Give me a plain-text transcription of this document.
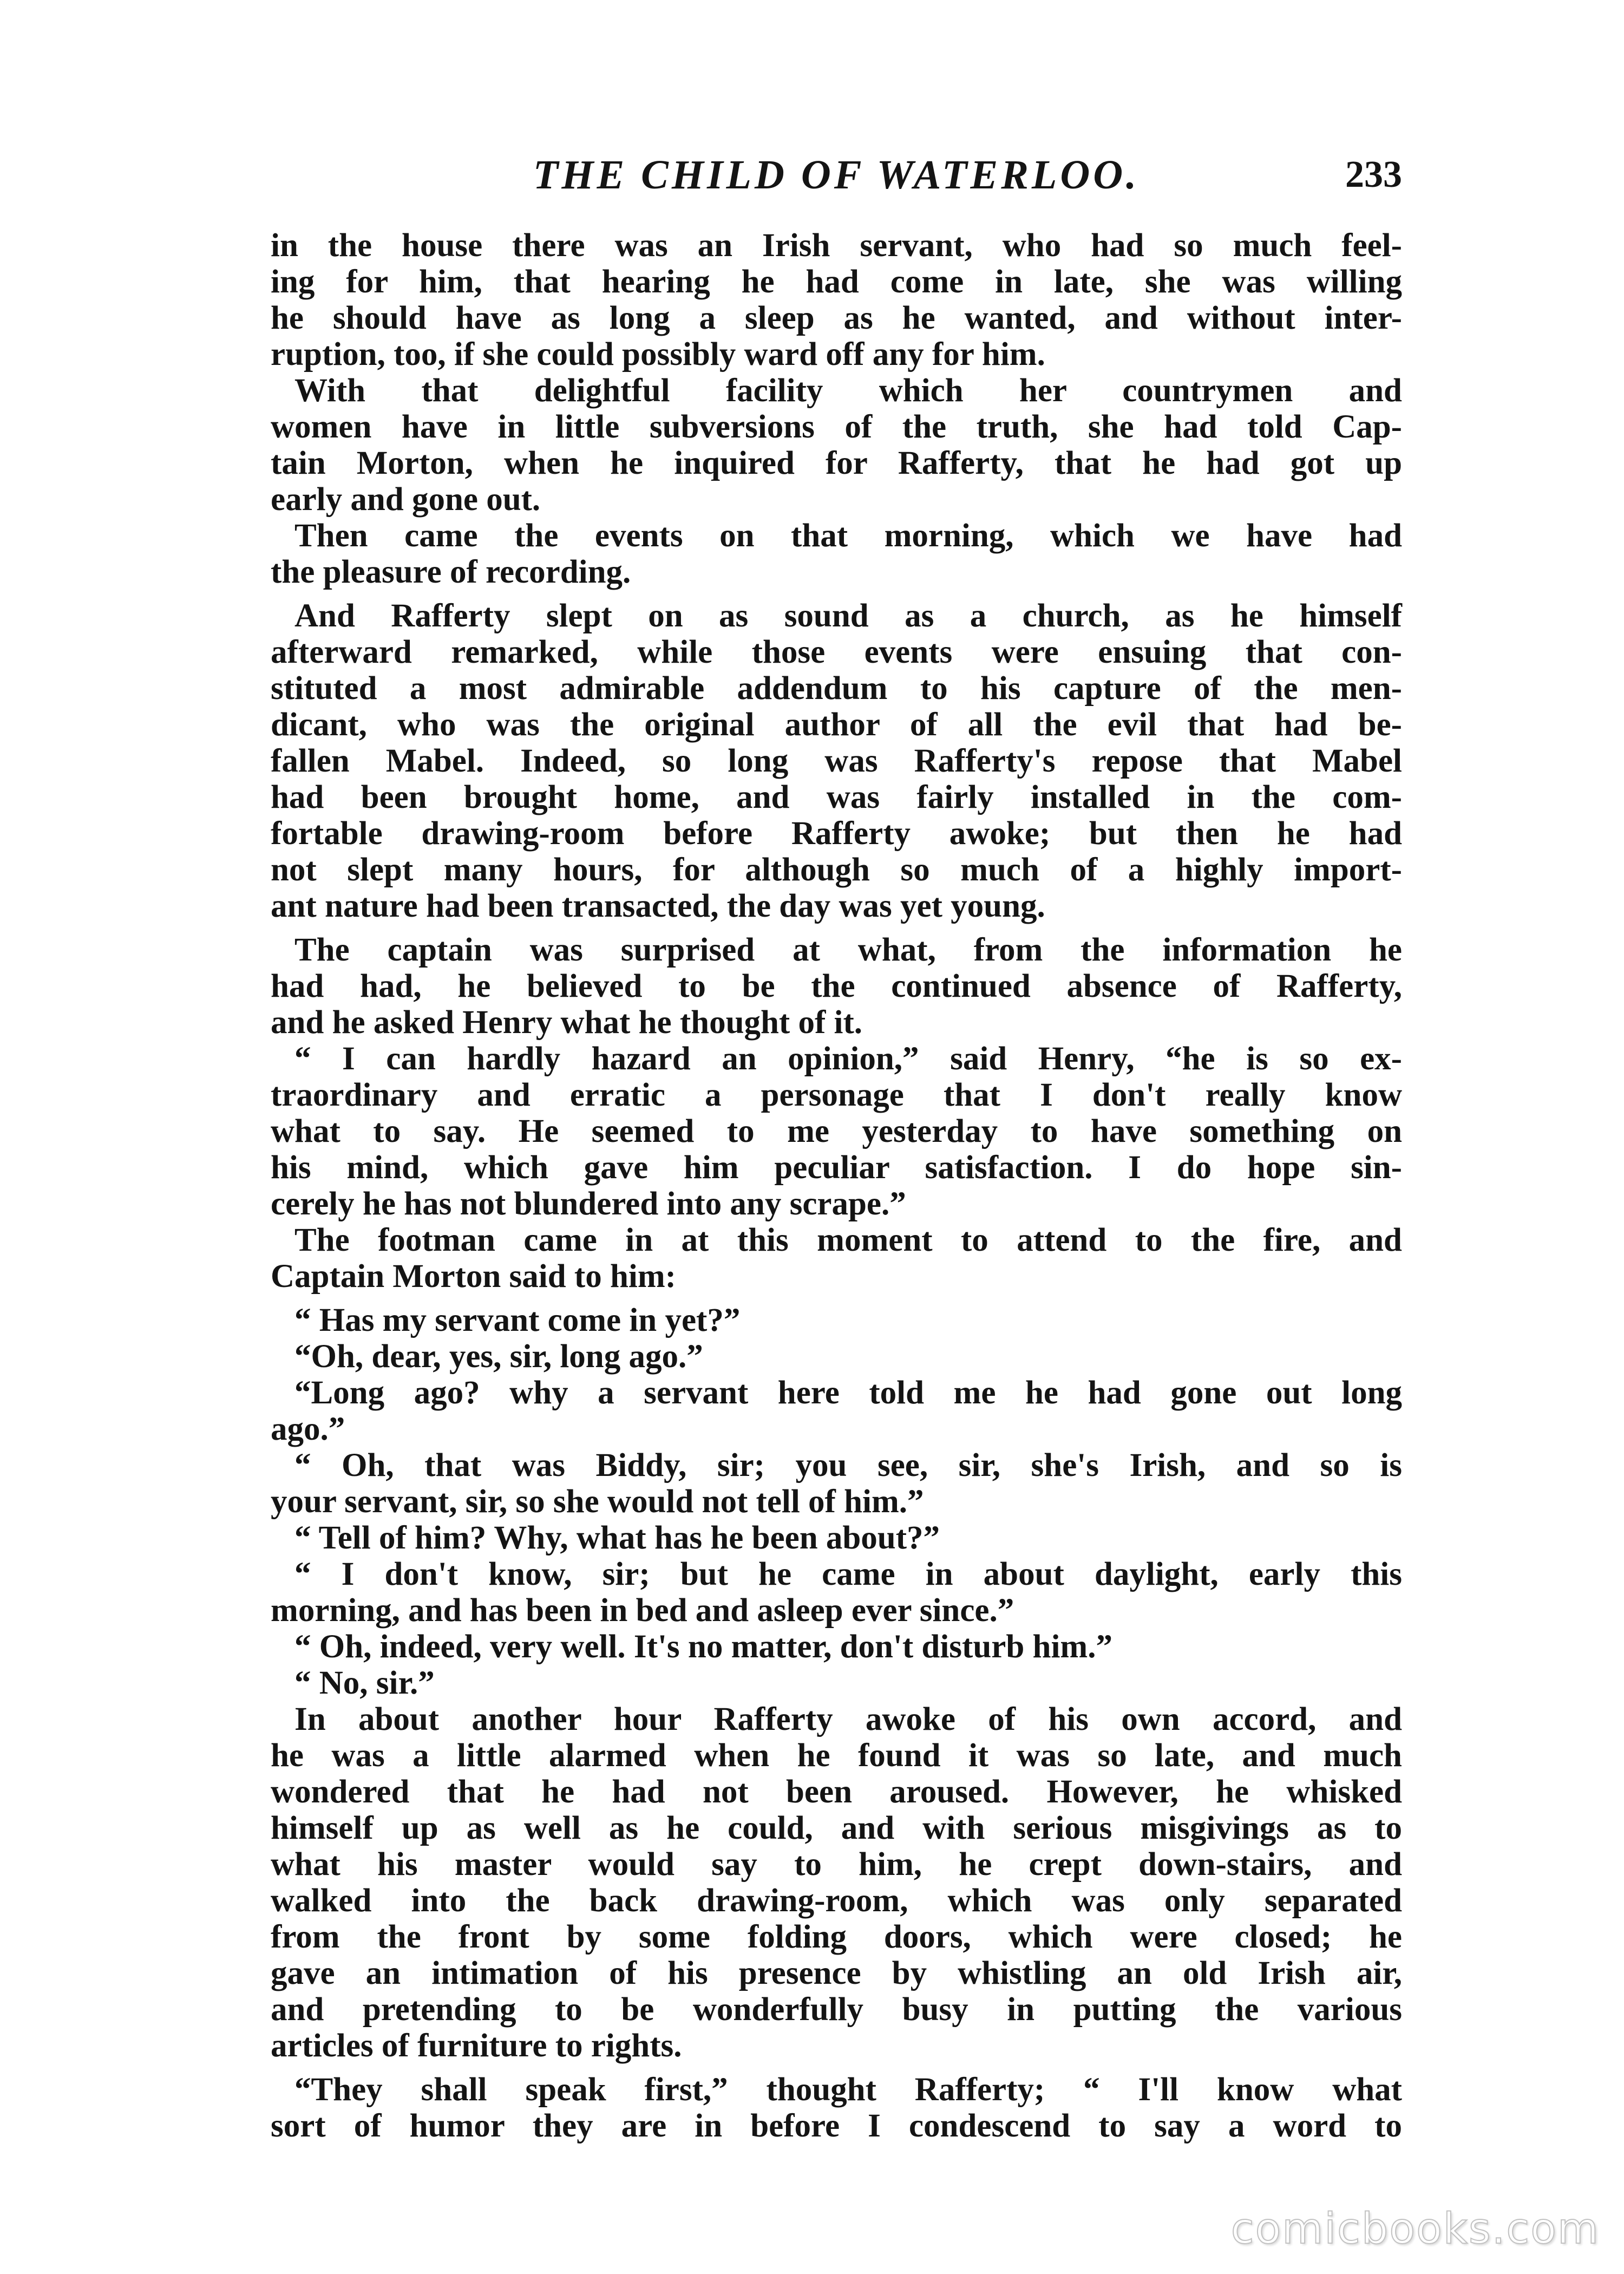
THE CHILD OF WATERLOO.	233
in the house there was an Irish servant, who had so much feel-
ing for him, that hearing he had come in late, she was willing
he should have as long a sleep as he wanted, and without inter-
ruption, too, if she could possibly ward off any for him.
With that delightful facility which her countrymen and
women have in little subversions of the truth, she had told Cap-
tain Morton, when he inquired for Rafferty, that he had got up
early and gone out.
Then came the events on that morning, which we have had
the pleasure of recording.
And Rafferty slept on as sound as a church, as he himself
afterward remarked, while those events were ensuing that con-
stituted a most admirable addendum to his capture of the men-
dicant, who was the original author of all the evil that had be-
fallen Mabel. Indeed, so long was Rafferty's repose that Mabel
had been brought home, and was fairly installed in the com-
fortable drawing-room before Rafferty awoke; but then he had
not slept many hours, for although so much of a highly import-
ant nature had been transacted, the day was yet young.
The captain was surprised at what, from the information he
had had, he believed to be the continued absence of Rafferty,
and he asked Henry what he thought of it.
“ I can hardly hazard an opinion,” said Henry, “he is so ex-
traordinary and erratic a personage that I don't really know
what to say. He seemed to me yesterday to have something on
his mind, which gave him peculiar satisfaction. I do hope sin-
cerely he has not blundered into any scrape.”
The footman came in at this moment to attend to the fire, and
Captain Morton said to him:
“ Has my servant come in yet?”
“Oh, dear, yes, sir, long ago.”
“Long ago? why a servant here told me he had gone out long
ago.”
“ Oh, that was Biddy, sir; you see, sir, she's Irish, and so is
your servant, sir, so she would not tell of him.”
“ Tell of him? Why, what has he been about?”
“ I don't know, sir; but he came in about daylight, early this
morning, and has been in bed and asleep ever since.”
“ Oh, indeed, very well. It's no matter, don't disturb him.”
“ No, sir.”
In about another hour Rafferty awoke of his own accord, and
he was a little alarmed when he found it was so late, and much
wondered that he had not been aroused. However, he whisked
himself up as well as he could, and with serious misgivings as to
what his master would say to him, he crept down-stairs, and
walked into the back drawing-room, which was only separated
from the front by some folding doors, which were closed; he
gave an intimation of his presence by whistling an old Irish air,
and pretending to be wonderfully busy in putting the various
articles of furniture to rights.
“They shall speak first,” thought Rafferty; “ I'll know what
sort of humor they are in before I condescend to say a word to
comicbooks.com
